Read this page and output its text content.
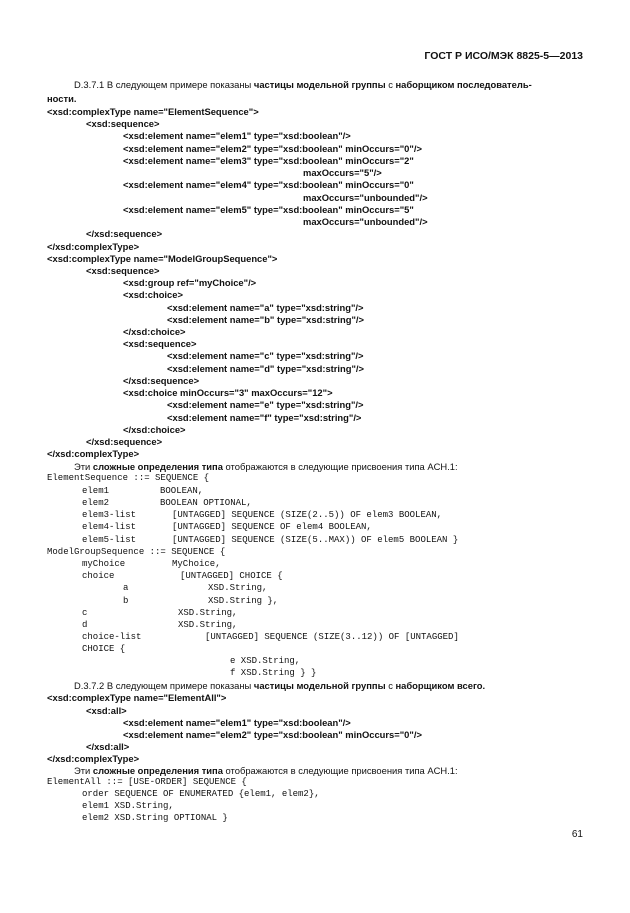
ГОСТ Р ИСО/МЭК 8825-5—2013
D.3.7.1 В следующем примере показаны частицы модельной группы с наборщиком последователь-
ности.
<xsd:complexType name="ElementSequence">
<xsd:sequence>
<xsd:element name="elem1" type="xsd:boolean"/>
<xsd:element name="elem2" type="xsd:boolean" minOccurs="0"/>
<xsd:element name="elem3" type="xsd:boolean" minOccurs="2"
maxOccurs="5"/>
<xsd:element name="elem4" type="xsd:boolean" minOccurs="0"
maxOccurs="unbounded"/>
<xsd:element name="elem5" type="xsd:boolean" minOccurs="5"
maxOccurs="unbounded"/>
</xsd:sequence>
</xsd:complexType>
<xsd:complexType name="ModelGroupSequence">
<xsd:sequence>
<xsd:group ref="myChoice"/>
<xsd:choice>
<xsd:element name="a" type="xsd:string"/>
<xsd:element name="b" type="xsd:string"/>
</xsd:choice>
<xsd:sequence>
<xsd:element name="c" type="xsd:string"/>
<xsd:element name="d" type="xsd:string"/>
</xsd:sequence>
<xsd:choice minOccurs="3" maxOccurs="12">
<xsd:element name="e" type="xsd:string"/>
<xsd:element name="f" type="xsd:string"/>
</xsd:choice>
</xsd:sequence>
</xsd:complexType>
Эти сложные определения типа отображаются в следующие присвоения типа ACH.1:
ElementSequence ::= SEQUENCE {
elem1
elem2
elem3-list
elem4-list
elem5-list
ModelGroupSequence ::= SEQUENCE {
myChoice
choice
a
b
c
d
choice-list
CHOICE {
e XSD.String,
f XSD.String } }
D.3.7.2 В следующем примере показаны частицы модельной группы с наборщиком всего.
<xsd:complexType name="ElementAll">
<xsd:all>
<xsd:element name="elem1" type="xsd:boolean"/>
<xsd:element name="elem2" type="xsd:boolean" minOccurs="0"/>
</xsd:all>
</xsd:complexType>
Эти сложные определения типа отображаются в следующие присвоения типа ACH.1:
ElementAll ::= [USE-ORDER] SEQUENCE {
order SEQUENCE OF ENUMERATED {elem1, elem2},
elem1 XSD.String,
elem2 XSD.String OPTIONAL }
BOOLEAN,
BOOLEAN OPTIONAL,
[UNTAGGED] SEQUENCE (SIZE(2..5)) OF elem3 BOOLEAN,
[UNTAGGED] SEQUENCE OF elem4 BOOLEAN,
[UNTAGGED] SEQUENCE (SIZE(5..MAX)) OF elem5 BOOLEAN }
MyChoice,
[UNTAGGED] CHOICE {
XSD.String,
XSD.String },
XSD.String,
XSD.String,
[UNTAGGED] SEQUENCE (SIZE(3..12)) OF [UNTAGGED]
61
